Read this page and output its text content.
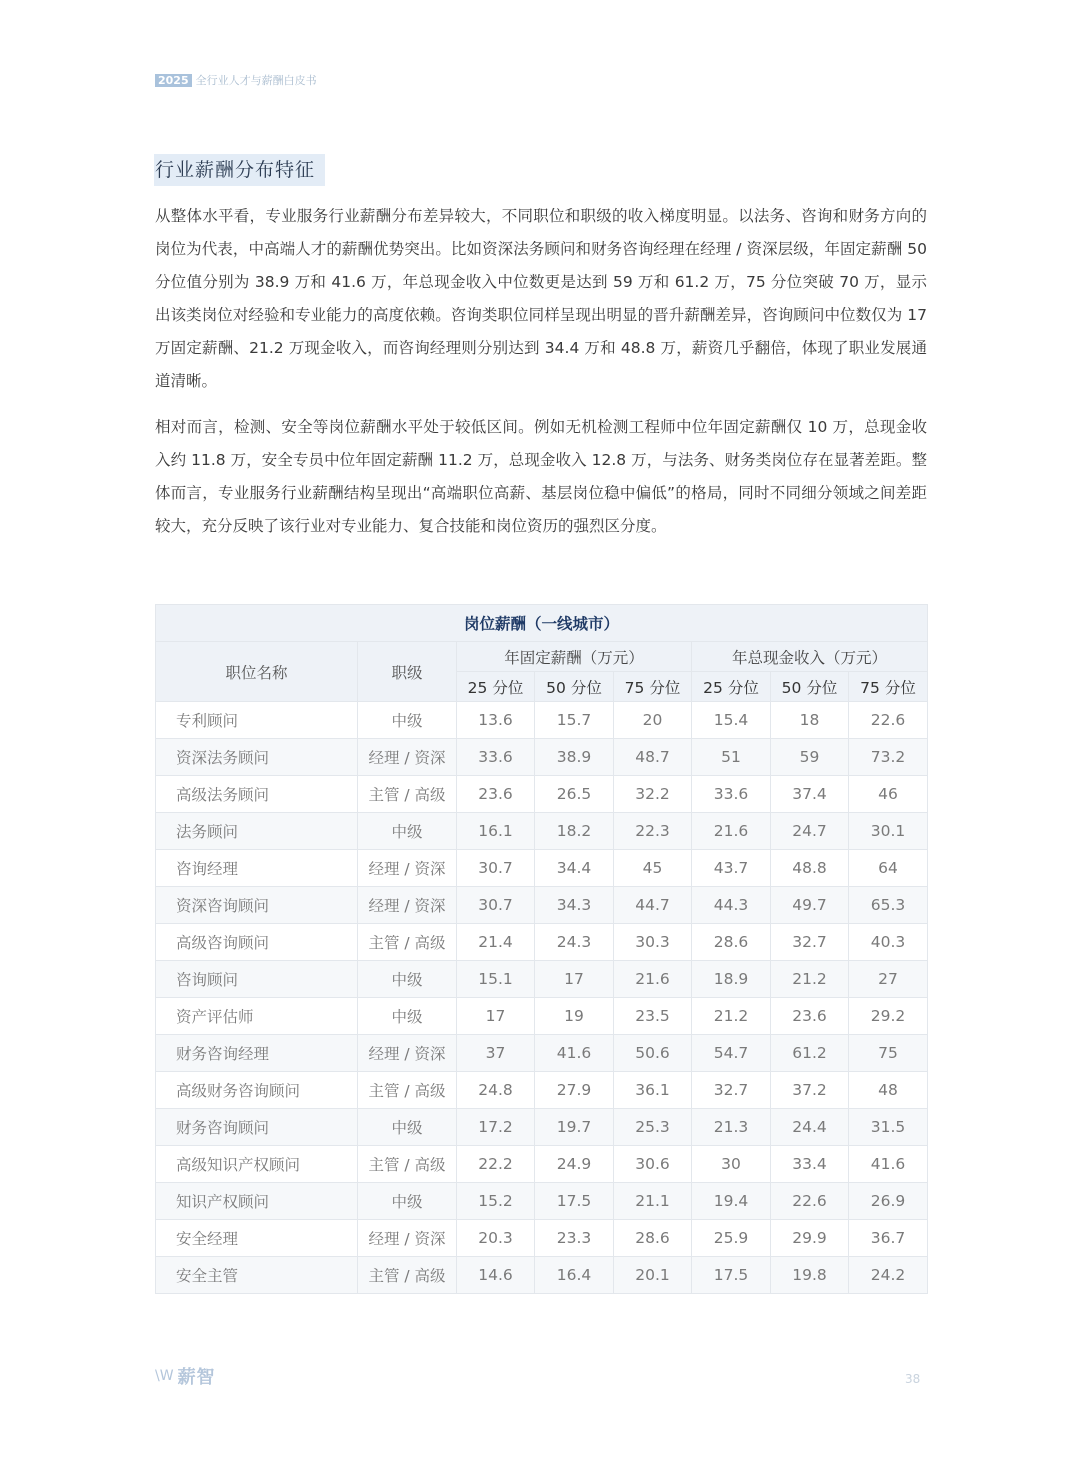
2025 全行业人才与薪酬白皮书
行业薪酬分布特征

从整体水平看，专业服务行业薪酬分布差异较大，不同职位和职级的收入梯度明显。以法务、咨询和财务方向的岗位为代表，中高端人才的薪酬优势突出。比如资深法务顾问和财务咨询经理在经理 / 资深层级，年固定薪酬 50 分位值分别为 38.9 万和 41.6 万，年总现金收入中位数更是达到 59 万和 61.2 万，75 分位突破 70 万，显示出该类岗位对经验和专业能力的高度依赖。咨询类职位同样呈现出明显的晋升薪酬差异，咨询顾问中位数仅为 17 万固定薪酬、21.2 万现金收入，而咨询经理则分别达到 34.4 万和 48.8 万，薪资几乎翻倍，体现了职业发展通道清晰。

相对而言，检测、安全等岗位薪酬水平处于较低区间。例如无机检测工程师中位年固定薪酬仅 10 万，总现金收入约 11.8 万，安全专员中位年固定薪酬 11.2 万，总现金收入 12.8 万，与法务、财务类岗位存在显著差距。整体而言，专业服务行业薪酬结构呈现出“高端职位高薪、基层岗位稳中偏低”的格局，同时不同细分领域之间差距较大，充分反映了该行业对专业能力、复合技能和岗位资历的强烈区分度。

岗位薪酬（一线城市）							
职位名称	职级	年固定薪酬（万元）			年总现金收入（万元）		
		25 分位	50 分位	75 分位	25 分位	50 分位	75 分位
专利顾问	中级	13.6	15.7	20	15.4	18	22.6
资深法务顾问	经理 / 资深	33.6	38.9	48.7	51	59	73.2
高级法务顾问	主管 / 高级	23.6	26.5	32.2	33.6	37.4	46
法务顾问	中级	16.1	18.2	22.3	21.6	24.7	30.1
咨询经理	经理 / 资深	30.7	34.4	45	43.7	48.8	64
资深咨询顾问	经理 / 资深	30.7	34.3	44.7	44.3	49.7	65.3
高级咨询顾问	主管 / 高级	21.4	24.3	30.3	28.6	32.7	40.3
咨询顾问	中级	15.1	17	21.6	18.9	21.2	27
资产评估师	中级	17	19	23.5	21.2	23.6	29.2
财务咨询经理	经理 / 资深	37	41.6	50.6	54.7	61.2	75
高级财务咨询顾问	主管 / 高级	24.8	27.9	36.1	32.7	37.2	48
财务咨询顾问	中级	17.2	19.7	25.3	21.3	24.4	31.5
高级知识产权顾问	主管 / 高级	22.2	24.9	30.6	30	33.4	41.6
知识产权顾问	中级	15.2	17.5	21.1	19.4	22.6	26.9
安全经理	经理 / 资深	20.3	23.3	28.6	25.9	29.9	36.7
安全主管	主管 / 高级	14.6	16.4	20.1	17.5	19.8	24.2
\W 薪智	38
